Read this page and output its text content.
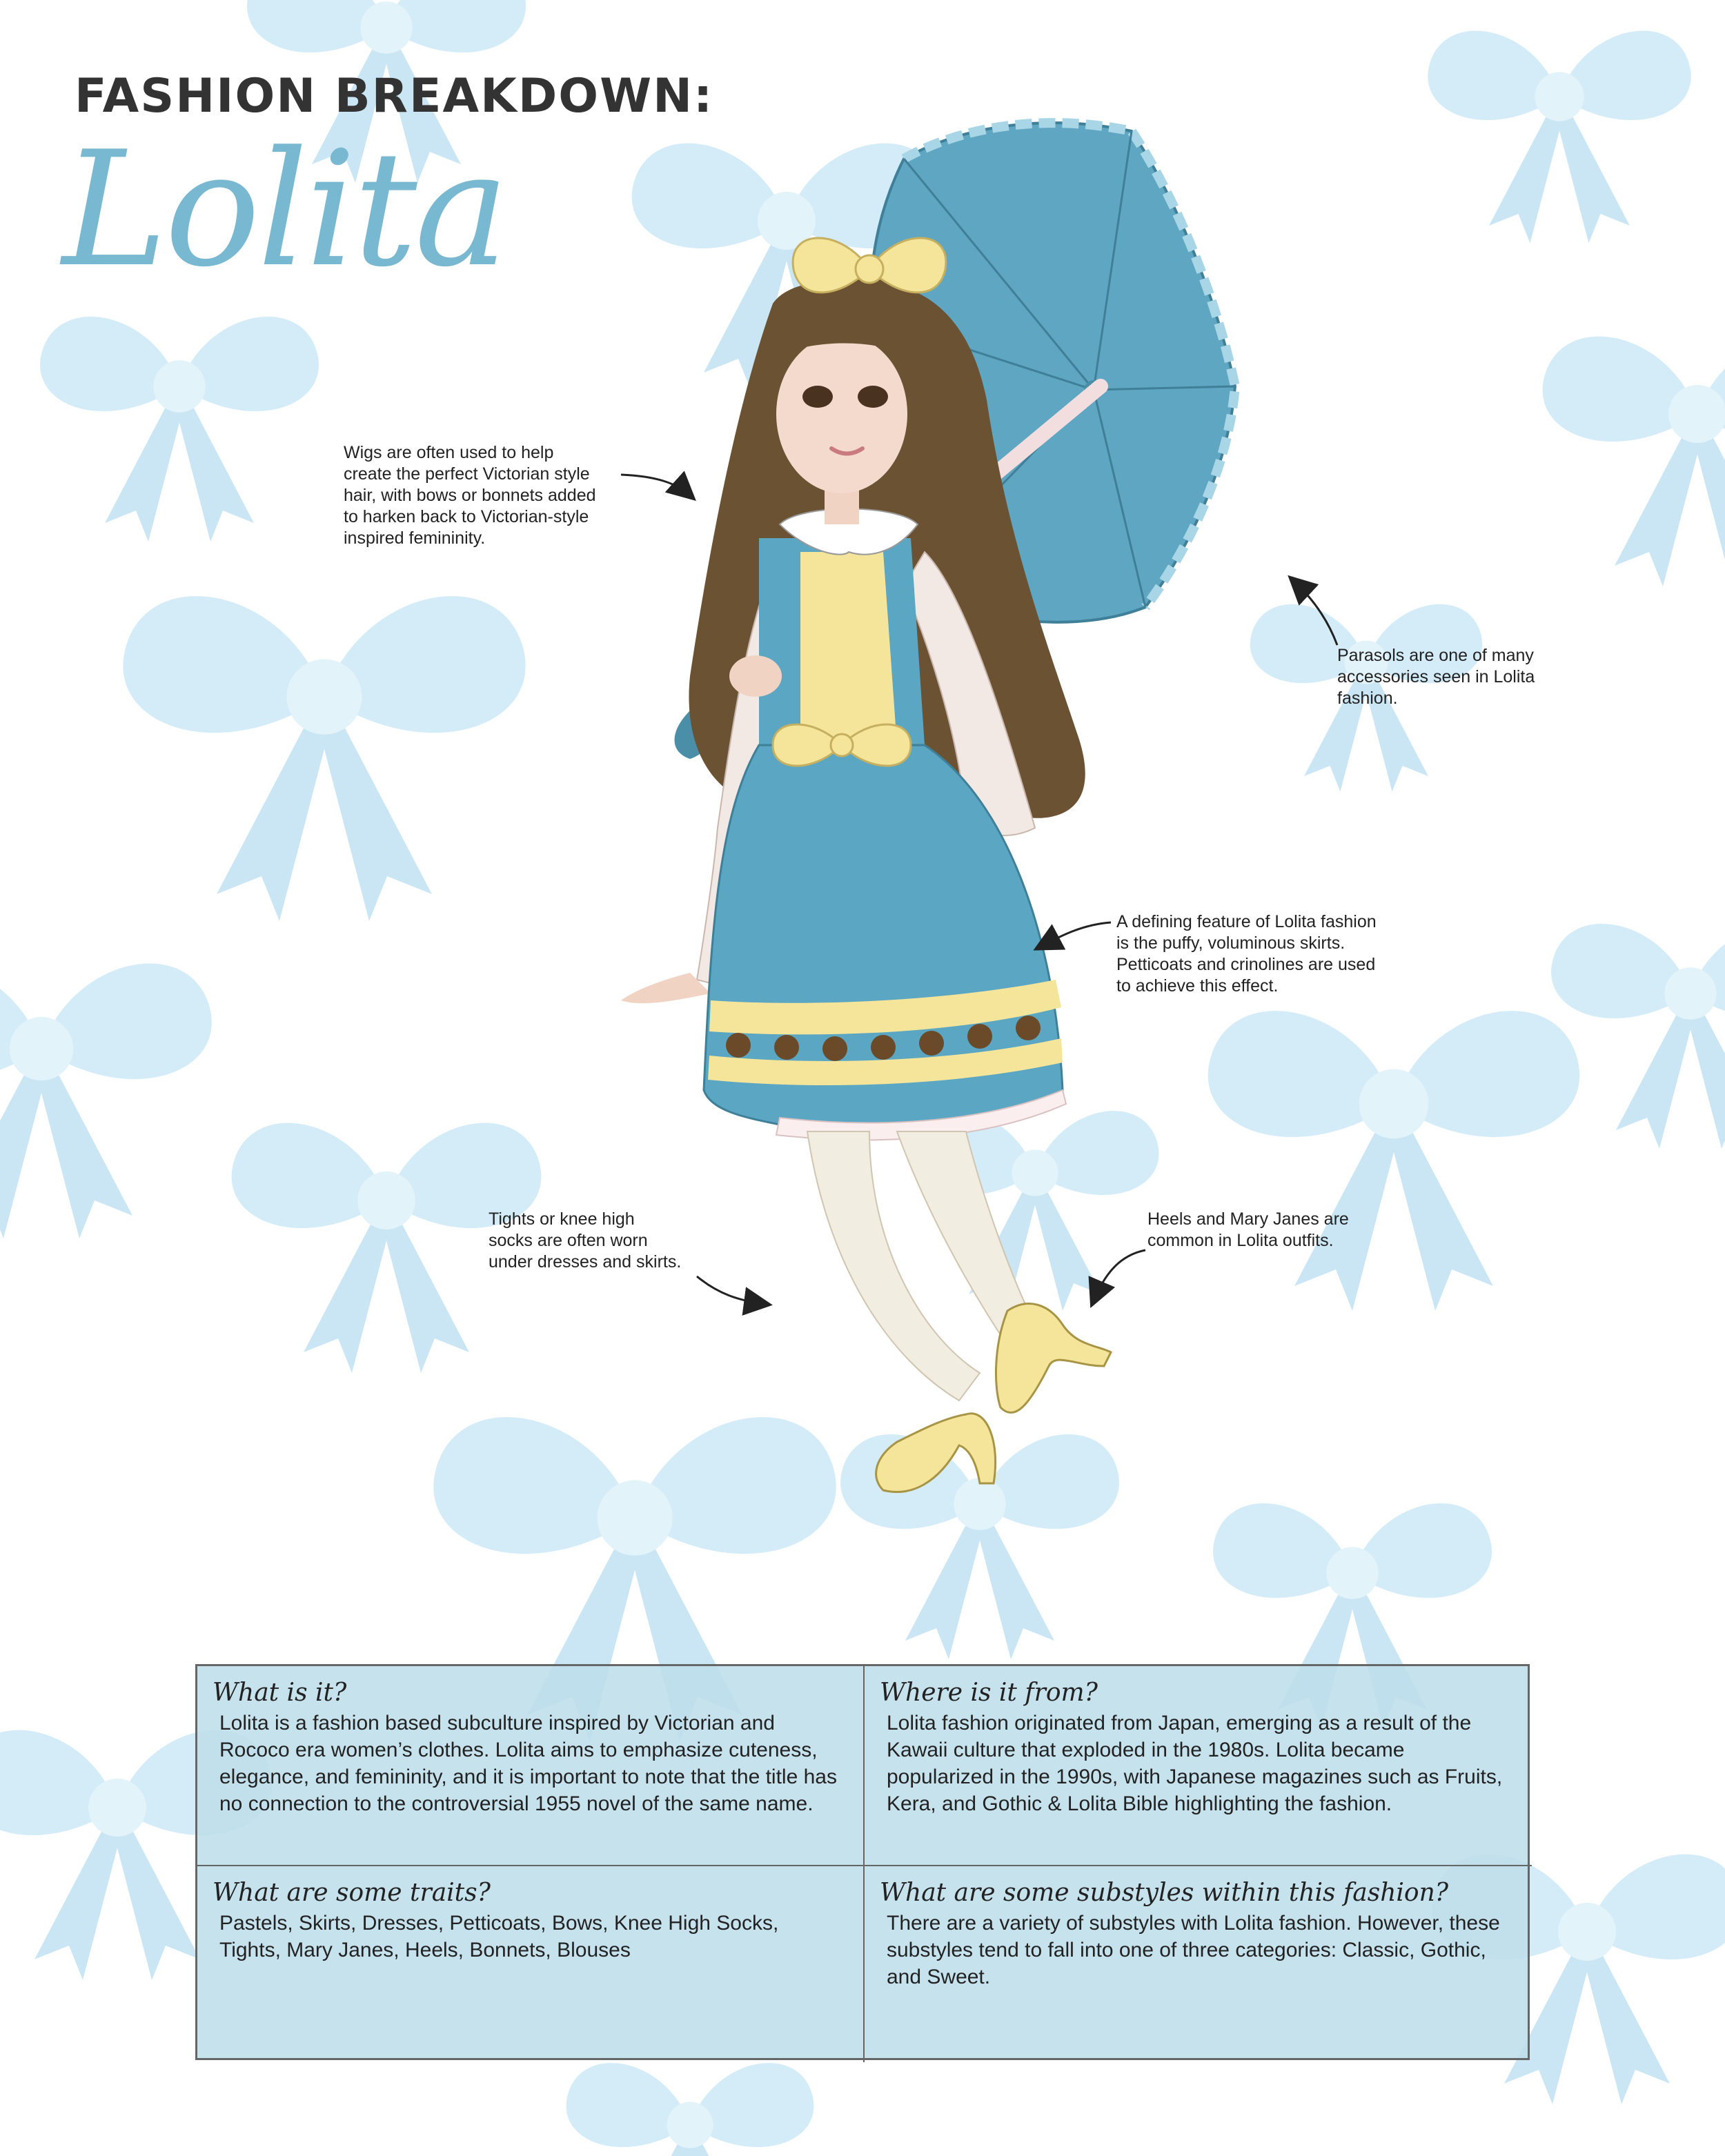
FASHION BREAKDOWN:
Lolita
Wigs are often used to help
create the perfect Victorian style
hair, with bows or bonnets added
to harken back to Victorian-style
inspired femininity.
Parasols are one of many
accessories seen in Lolita
fashion.
A defining feature of Lolita fashion
is the puffy, voluminous skirts.
Petticoats and crinolines are used
to achieve this effect.
Tights or knee high
socks are often worn
under dresses and skirts.
Heels and Mary Janes are
common in Lolita outfits.
What is it?

Lolita is a fashion based subculture inspired by Victorian and Rococo era women’s clothes. Lolita aims to emphasize cuteness, elegance, and femininity, and it is important to note that the title has no connection to the controversial 1955 novel of the same name.

Where is it from?

Lolita fashion originated from Japan, emerging as a result of the Kawaii culture that exploded in the 1980s. Lolita became popularized in the 1990s, with Japanese magazines such as Fruits, Kera, and Gothic & Lolita Bible highlighting the fashion.

What are some traits?

Pastels, Skirts, Dresses, Petticoats, Bows, Knee High Socks, Tights, Mary Janes, Heels, Bonnets, Blouses

What are some substyles within this fashion?

There are a variety of substyles with Lolita fashion. However, these substyles tend to fall into one of three categories: Classic, Gothic, and Sweet.
